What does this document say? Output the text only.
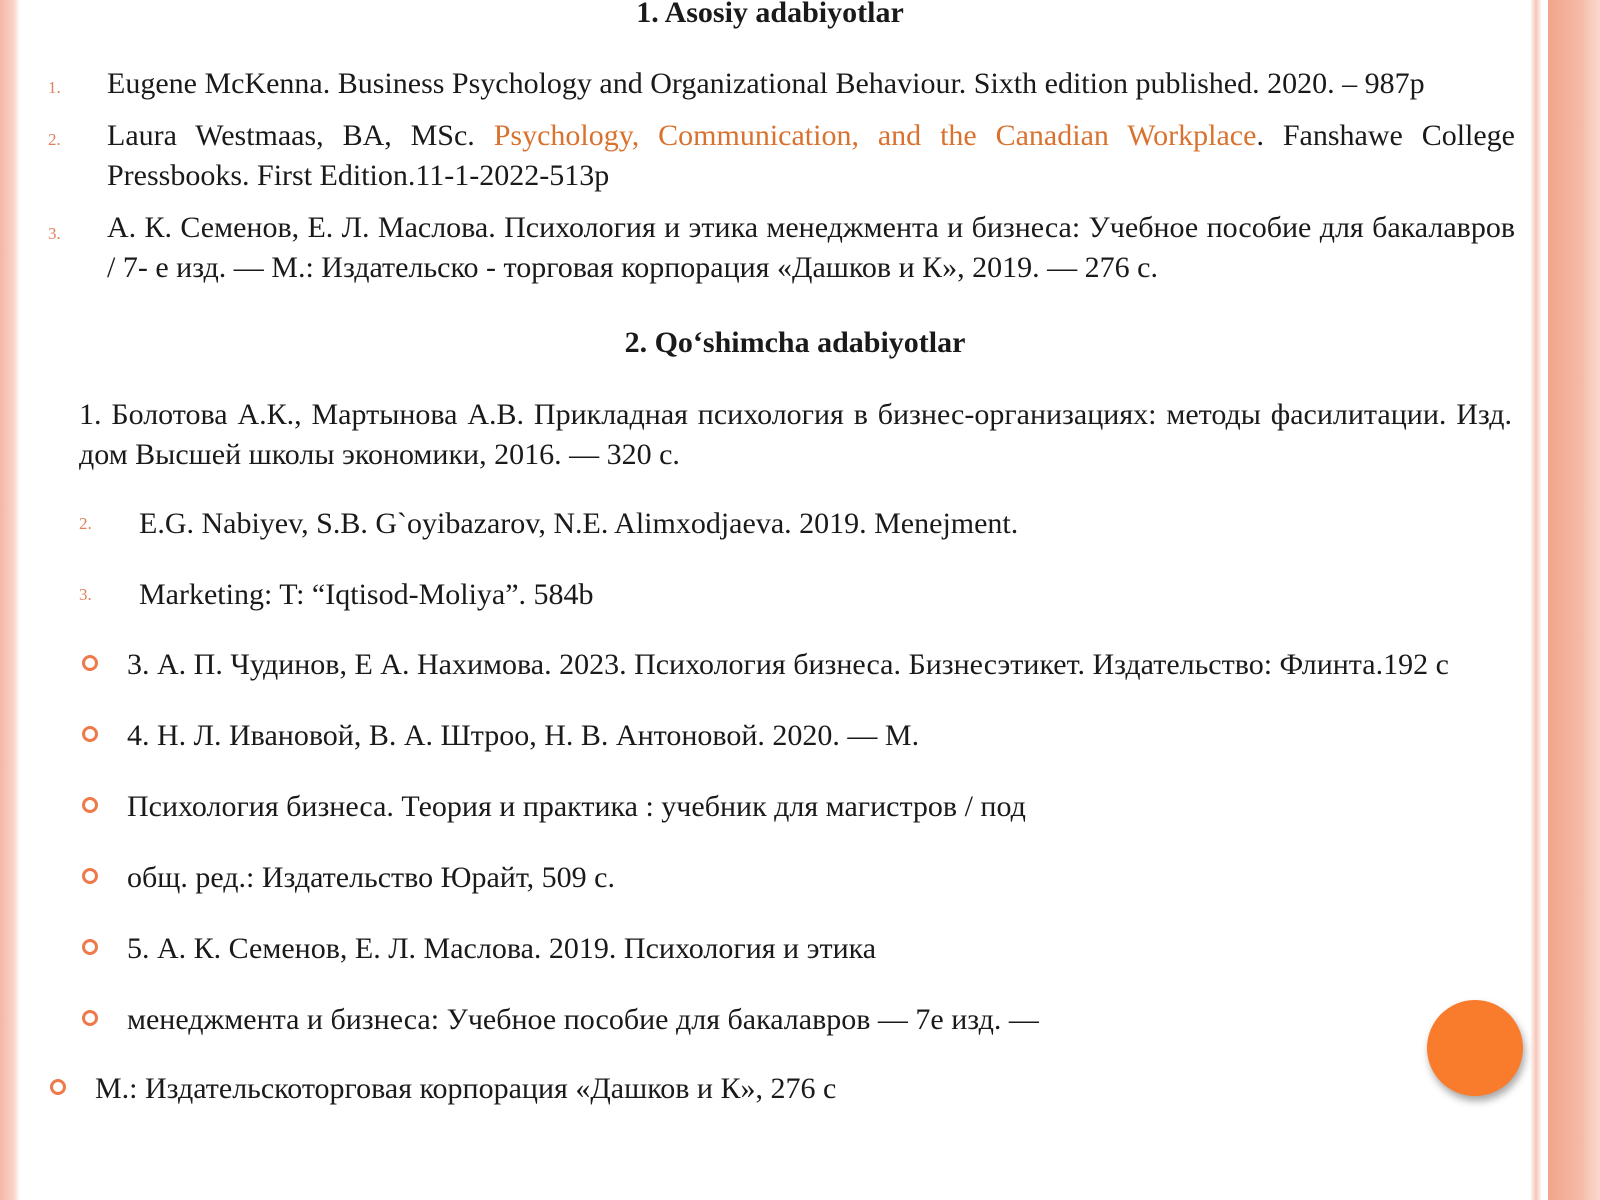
1. Asosiy adabiyotlar
1. Eugene McKenna. Business Psychology and Organizational Behaviour. Sixth edition published. 2020. – 987p

2. Laura Westmaas, BA, MSc. Psychology, Communication, and the Canadian Workplace. Fanshawe College Pressbooks. First Edition.11-1-2022-513p

3. А. К. Семенов, Е. Л. Маслова. Психология и этика менеджмента и бизнеса: Учебное пособие для бакалавров / 7- е изд. — М.: Издательско - торговая корпорация «Дашков и К», 2019. — 276 с.

2. Qo‘shimcha adabiyotlar

1. Болотова А.К., Мартынова А.В. Прикладная психология в бизнес-организациях: методы фасилитации. Изд. дом Высшей школы экономики, 2016. — 320 с.

2. E.G. Nabiyev, S.B. G`oyibazarov, N.E. Alimxodjaeva. 2019. Menejment.

3. Marketing: T: “Iqtisod-Moliya”. 584b

3. А. П. Чудинов, Е А. Нахимова. 2023. Психология бизнеса. Бизнесэтикет. Издательство: Флинта.192 с

4. Н. Л. Ивановой, В. А. Штроо, Н. В. Антоновой. 2020. — М.

Психология бизнеса. Теория и практика : учебник для магистров / под

общ. ред.: Издательство Юрайт, 509 с.

5. А. К. Семенов, Е. Л. Маслова. 2019. Психология и этика

менеджмента и бизнеса: Учебное пособие для бакалавров — 7е изд. —

М.: Издательскоторговая корпорация «Дашков и К», 276 с
